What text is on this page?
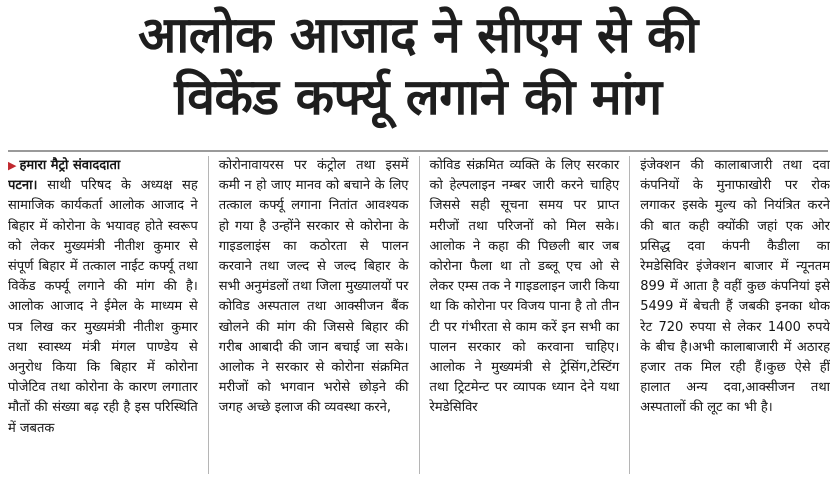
आलोक आजाद ने सीएम से की
विकेंड कर्फ्यू लगाने की मांग
▶ हमारा मैट्रो संवाददाता
पटना। साथी परिषद के अध्यक्ष सह सामाजिक कार्यकर्ता आलोक आजाद ने बिहार में कोरोना के भयावह होते स्वरूप को लेकर मुख्यमंत्री नीतीश कुमार से संपूर्ण बिहार में तत्काल नाईट कर्फ्यू तथा विकेंड कर्फ्यू लगाने की मांग की है। आलोक आजाद ने ईमेल के माध्यम से पत्र लिख कर मुख्यमंत्री नीतीश कुमार तथा स्वास्थ्य मंत्री मंगल पाण्डेय से अनुरोध किया कि बिहार में कोरोना पोजेटिव तथा कोरोना के कारण लगातार मौतों की संख्या बढ़ रही है इस परिस्थिति में जबतक
कोरोनावायरस पर कंट्रोल तथा इसमें कमी न हो जाए मानव को बचाने के लिए तत्काल कर्फ्यू लगाना नितांत आवश्यक हो गया है उन्होंने सरकार से कोरोना के गाइडलाइंस का कठोरता से पालन करवाने तथा जल्द से जल्द बिहार के सभी अनुमंडलों तथा जिला मुख्यालयों पर कोविड अस्पताल तथा आक्सीजन बैंक खोलने की मांग की जिससे बिहार की गरीब आबादी की जान बचाई जा सके। आलोक ने सरकार से कोरोना संक्रमित मरीजों को भगवान भरोसे छोड़ने की जगह अच्छे इलाज की व्यवस्था करने,
कोविड संक्रमित व्यक्ति के लिए सरकार को हेल्पलाइन नम्बर जारी करने चाहिए जिससे सही सूचना समय पर प्राप्त मरीजों तथा परिजनों को मिल सके। आलोक ने कहा की पिछली बार जब कोरोना फैला था तो डब्लू एच ओ से लेकर एम्स तक ने गाइडलाइन जारी किया था कि कोरोना पर विजय पाना है तो तीन टी पर गंभीरता से काम करें इन सभी का पालन सरकार को करवाना चाहिए। आलोक ने मुख्यमंत्री से ट्रेसिंग,टेस्टिंग तथा ट्रिटमेन्ट पर व्यापक ध्यान देने यथा रेमडेसिविर
इंजेक्शन की कालाबाजारी तथा दवा कंपनियों के मुनाफाखोरी पर रोक लगाकर इसके मुल्य को नियंत्रित करने की बात कही क्योंकी जहां एक ओर प्रसिद्ध दवा कंपनी कैडीला का रेमडेसिविर इंजेक्शन बाजार में न्यूनतम 899 में आता है वहीं कुछ कंपनियां इसे 5499 में बेचती हैं जबकी इनका थोक रेट 720 रुपया से लेकर 1400 रुपये के बीच है।अभी कालाबाजारी में अठारह हजार तक मिल रही हैं।कुछ ऐसे हीं हालात अन्य दवा,आक्सीजन तथा अस्पतालों की लूट का भी है।
